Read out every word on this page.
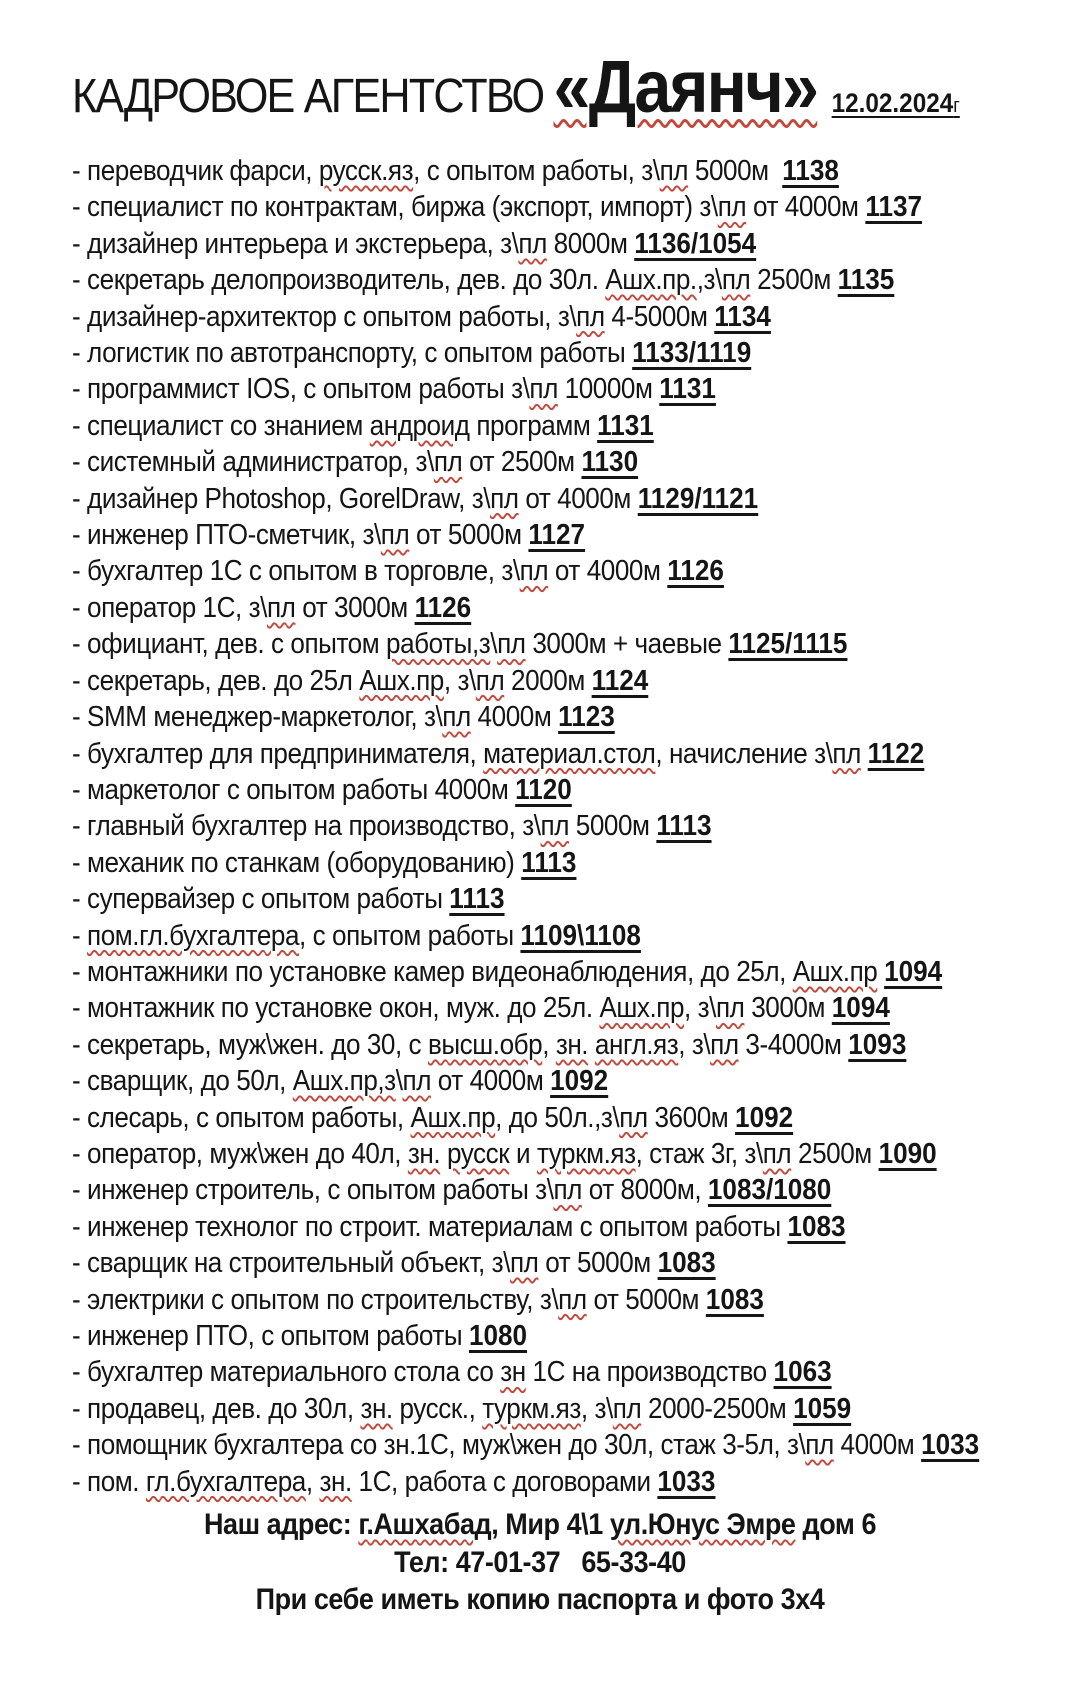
КАДРОВОЕ АГЕНТСТВО «Даянч» 12.02.2024г
- переводчик фарси, русск.яз, с опытом работы, з\пл 5000м  1138
- специалист по контрактам, биржа (экспорт, импорт) з\пл от 4000м 1137
- дизайнер интерьера и экстерьера, з\пл 8000м 1136/1054
- секретарь делопроизводитель, дев. до 30л. Ашх.пр.,з\пл 2500м 1135
- дизайнер-архитектор с опытом работы, з\пл 4-5000м 1134
- логистик по автотранспорту, с опытом работы 1133/1119
- программист IOS, с опытом работы з\пл 10000м 1131
- специалист со знанием андроид программ 1131
- системный администратор, з\пл от 2500м 1130
- дизайнер Photoshop, GorelDraw, з\пл от 4000м 1129/1121
- инженер ПТО-сметчик, з\пл от 5000м 1127
- бухгалтер 1С с опытом в торговле, з\пл от 4000м 1126
- оператор 1С, з\пл от 3000м 1126
- официант, дев. с опытом работы,з\пл 3000м + чаевые 1125/1115
- секретарь, дев. до 25л Ашх.пр, з\пл 2000м 1124
- SMM менеджер-маркетолог, з\пл 4000м 1123
- бухгалтер для предпринимателя, материал.стол, начисление з\пл 1122
- маркетолог с опытом работы 4000м 1120
- главный бухгалтер на производство, з\пл 5000м 1113
- механик по станкам (оборудованию) 1113
- супервайзер с опытом работы 1113
- пом.гл.бухгалтера, с опытом работы 1109\1108
- монтажники по установке камер видеонаблюдения, до 25л, Ашх.пр 1094
- монтажник по установке окон, муж. до 25л. Ашх.пр, з\пл 3000м 1094
- секретарь, муж\жен. до 30, с высш.обр, зн. англ.яз, з\пл 3-4000м 1093
- сварщик, до 50л, Ашх.пр,з\пл от 4000м 1092
- слесарь, с опытом работы, Ашх.пр, до 50л.,з\пл 3600м 1092
- оператор, муж\жен до 40л, зн. русск и туркм.яз, стаж 3г, з\пл 2500м 1090
- инженер строитель, с опытом работы з\пл от 8000м, 1083/1080
- инженер технолог по строит. материалам с опытом работы 1083
- сварщик на строительный объект, з\пл от 5000м 1083
- электрики с опытом по строительству, з\пл от 5000м 1083
- инженер ПТО, с опытом работы 1080
- бухгалтер материального стола со зн 1С на производство 1063
- продавец, дев. до 30л, зн. русск., туркм.яз, з\пл 2000-2500м 1059
- помощник бухгалтера со зн.1С, муж\жен до 30л, стаж 3-5л, з\пл 4000м 1033
- пом. гл.бухгалтера, зн. 1С, работа с договорами 1033
Наш адрес: г.Ашхабад, Мир 4\1 ул.Юнус Эмре дом 6
Тел: 47-01-37   65-33-40
При себе иметь копию паспорта и фото 3х4
